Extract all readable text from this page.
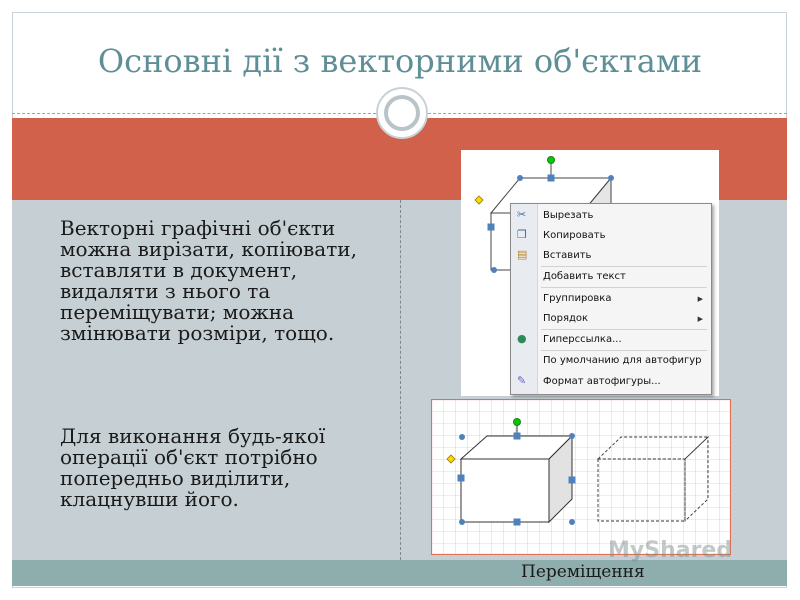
Основні дії з векторними об'єктами
Векторні графічні об'єкти можна вирізати, копіювати, вставляти в документ, видаляти з нього та переміщувати; можна змінювати розміри, тощо.
Для виконання будь-якої операції об'єкт потрібно попередньо виділити, клацнувши його.
✂ Вырезать
❐ Копировать
▤ Вставить
Добавить текст
Группировка	▶
Порядок	▶
● Гиперссылка...
По умолчанию для автофигур
✎ Формат автофигуры...
MyShared
Переміщення
